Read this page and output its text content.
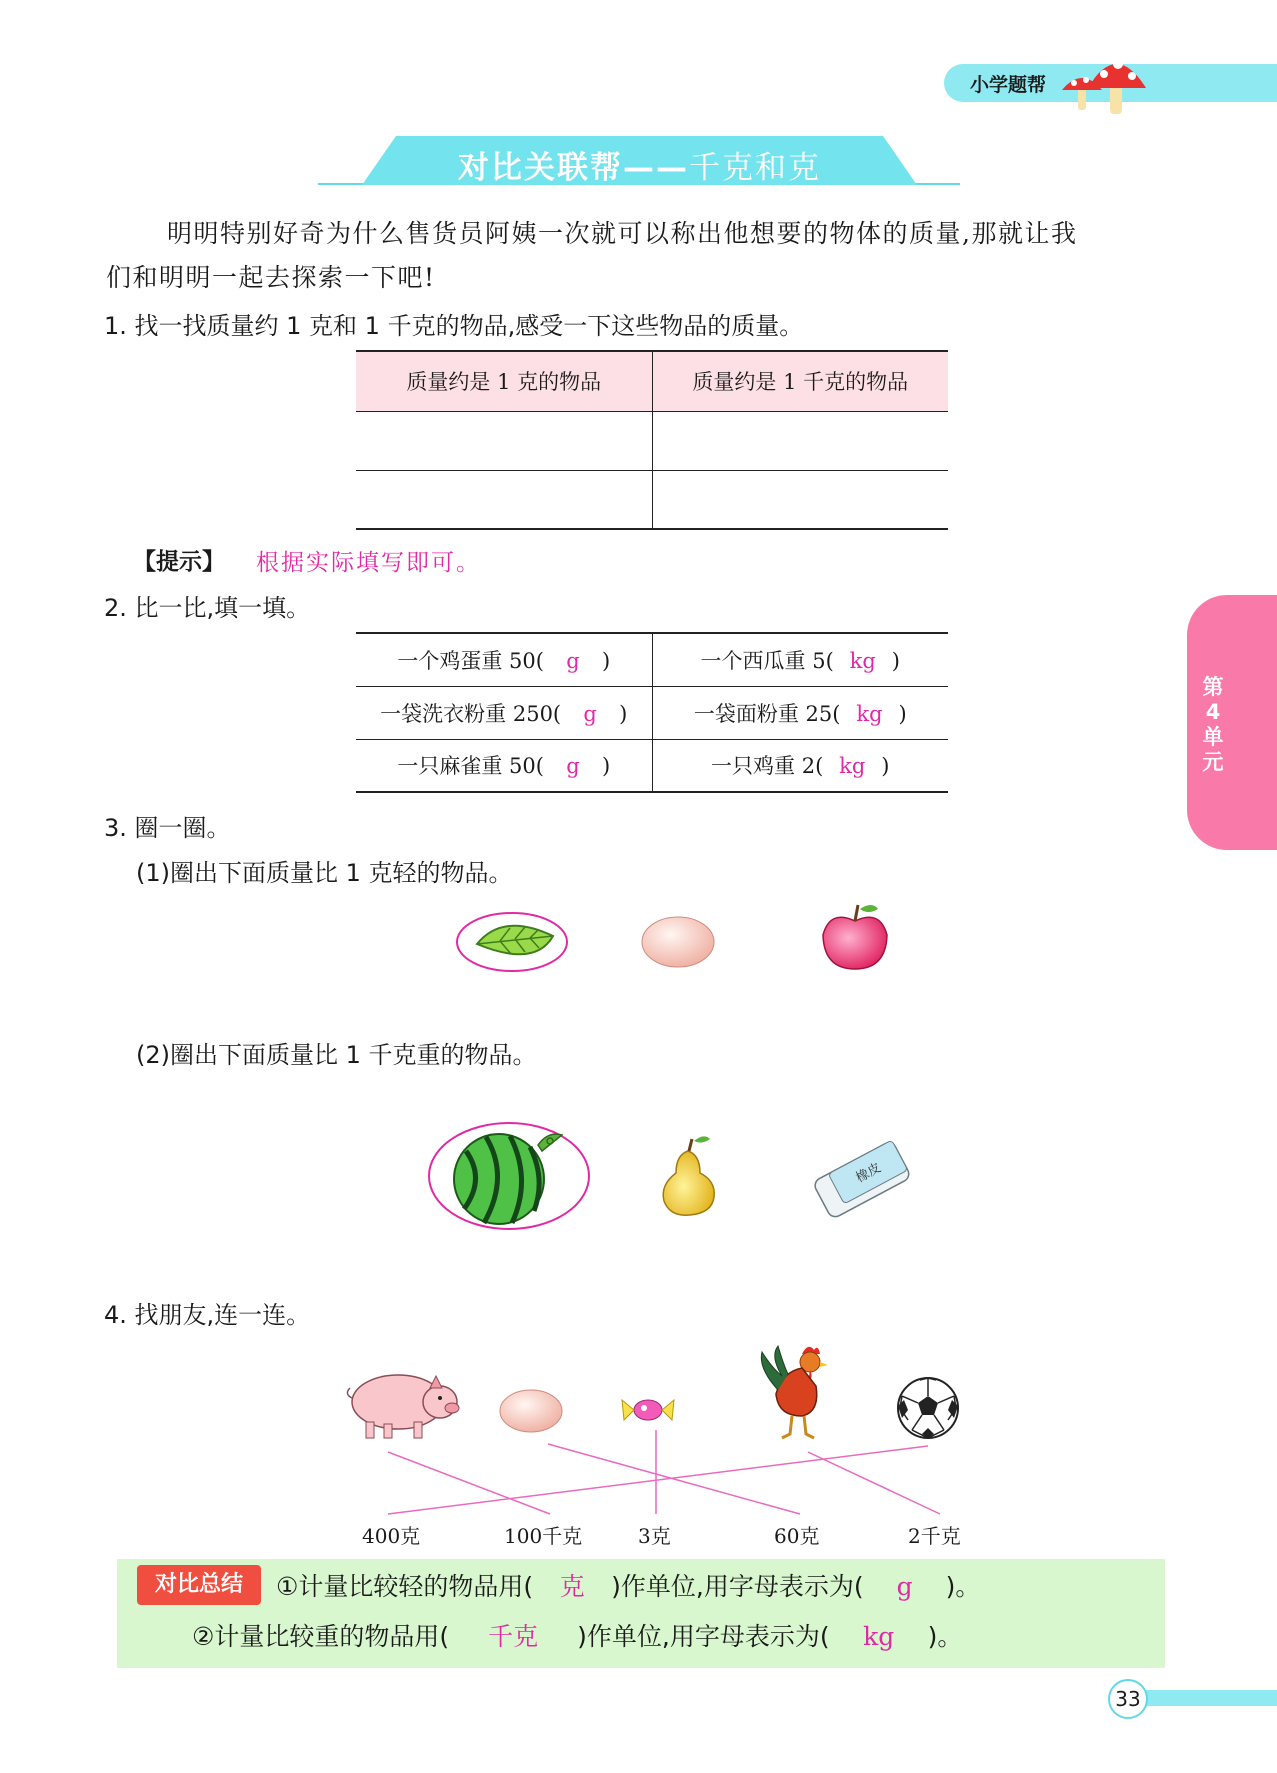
小学题帮
对比关联帮——千克和克
第4单元
明明特别好奇为什么售货员阿姨一次就可以称出他想要的物体的质量,那就让我
们和明明一起去探索一下吧!
1. 找一找质量约 1 克和 1 千克的物品,感受一下这些物品的质量。
质量约是 1 克的物品	质量约是 1 千克的物品

【提示】 根据实际填写即可。
2. 比一比,填一填。
一个鸡蛋重 50( g )	一个西瓜重 5( kg )
一袋洗衣粉重 250( g )	一袋面粉重 25( kg )
一只麻雀重 50( g )	一只鸡重 2( kg )
3. 圈一圈。
(1)圈出下面质量比 1 克轻的物品。
(2)圈出下面质量比 1 千克重的物品。
橡皮
4. 找朋友,连一连。
400克	100千克	3克	60克	2千克
对比总结	①计量比较轻的物品用( 克 )作单位,用字母表示为( g )。
②计量比较重的物品用( 千克 )作单位,用字母表示为( kg )。
33
